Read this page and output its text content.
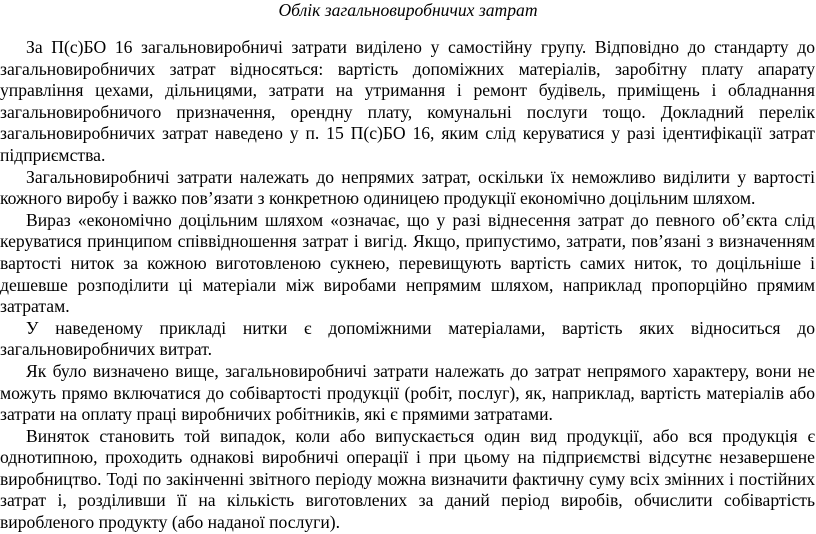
Облік загальновиробничих затрат

За П(с)БО 16 загальновиробничі затрати виділено у самостійну групу. Відповідно до стандарту до загальновиробничих затрат відносяться: вартість допоміжних матеріалів, заробітну плату апарату управління цехами, дільницями, затрати на утримання і ремонт будівель, приміщень і обладнання загальновиробничого призначення, орендну плату, комунальні послуги тощо. Докладний перелік загальновиробничих затрат наведено у п. 15 П(с)БО 16, яким слід керуватися у разі ідентифікації затрат підприємства.

Загальновиробничі затрати належать до непрямих затрат, оскільки їх неможливо виділити у вартості кожного виробу і важко пов’язати з конкретною одиницею продукції економічно доцільним шляхом.

Вираз «економічно доцільним шляхом «означає, що у разі віднесення затрат до певного об’єкта слід керуватися принципом співвідношення затрат і вигід. Якщо, припустимо, затрати, пов’язані з визначенням вартості ниток за кожною виготовленою сукнею, перевищують вартість самих ниток, то доцільніше і дешевше розподілити ці матеріали між виробами непрямим шляхом, наприклад пропорційно прямим затратам.

У наведеному прикладі нитки є допоміжними матеріалами, вартість яких відноситься до загальновиробничих витрат.

Як було визначено вище, загальновиробничі затрати належать до затрат непрямого характеру, вони не можуть прямо включатися до собівартості продукції (робіт, послуг), як, наприклад, вартість матеріалів або затрати на оплату праці виробничих робітників, які є прямими затратами.

Виняток становить той випадок, коли або випускається один вид продукції, або вся продукція є однотипною, проходить однакові виробничі операції і при цьому на підприємстві відсутнє незавершене виробництво. Тоді по закінченні звітного періоду можна визначити фактичну суму всіх змінних і постійних затрат і, розділивши її на кількість виготовлених за даний період виробів, обчислити собівартість виробленого продукту (або наданої послуги).
